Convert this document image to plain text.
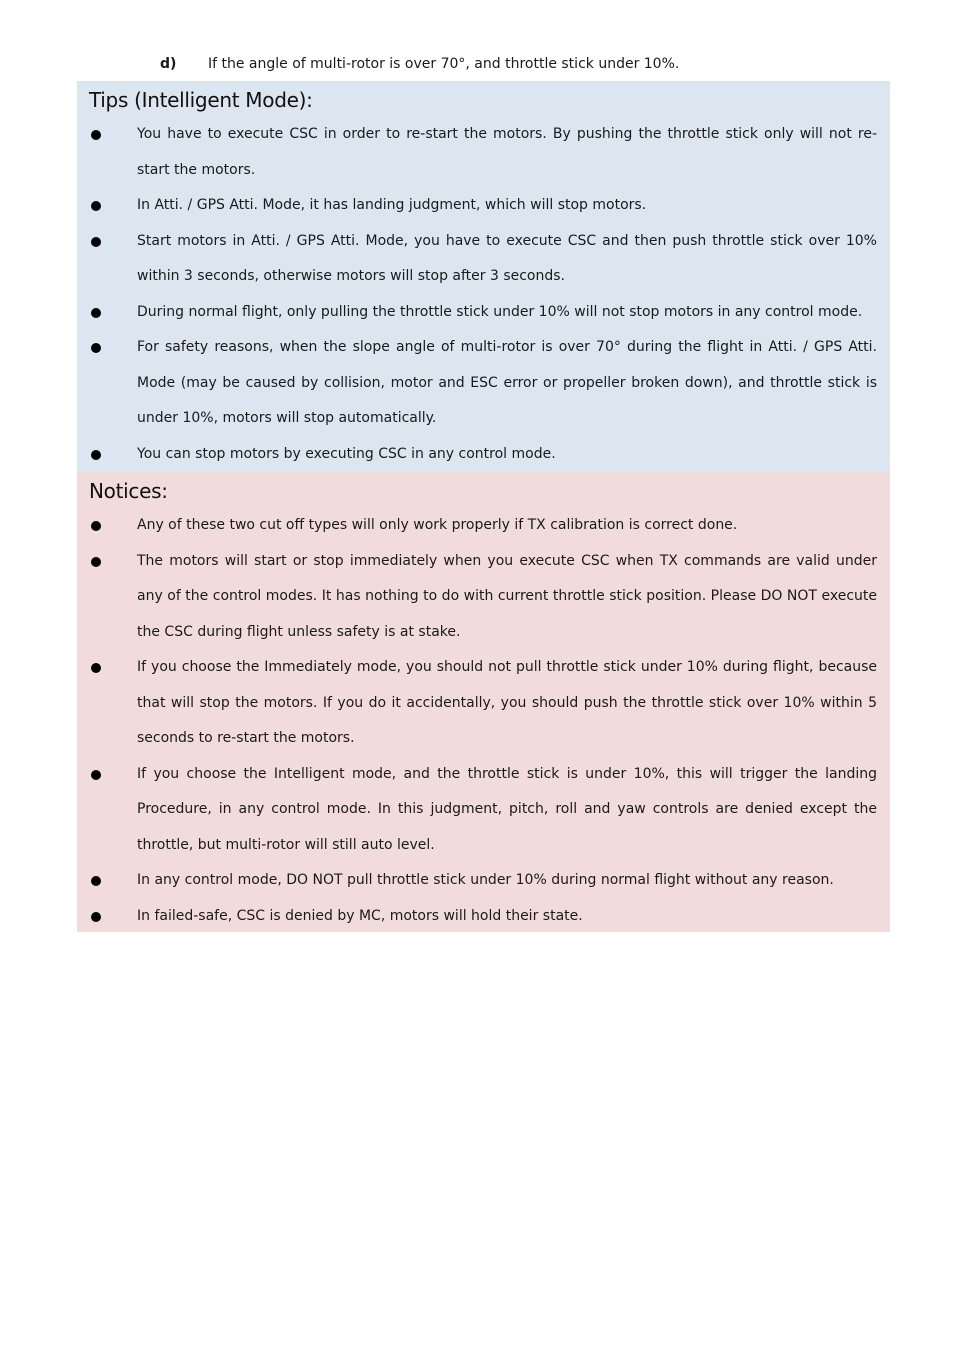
d)	If the angle of multi-rotor is over 70°, and throttle stick under 10%.
Tips (Intelligent Mode):
You have to execute CSC in order to re-start the motors. By pushing the throttle stick only will not re-start the motors.
In Atti. / GPS Atti. Mode, it has landing judgment, which will stop motors.
Start motors in Atti. / GPS Atti. Mode, you have to execute CSC and then push throttle stick over 10% within 3 seconds, otherwise motors will stop after 3 seconds.
During normal flight, only pulling the throttle stick under 10% will not stop motors in any control mode.
For safety reasons, when the slope angle of multi-rotor is over 70° during the flight in Atti. / GPS Atti. Mode (may be caused by collision, motor and ESC error or propeller broken down), and throttle stick is under 10%, motors will stop automatically.
You can stop motors by executing CSC in any control mode.
Notices:
Any of these two cut off types will only work properly if TX calibration is correct done.
The motors will start or stop immediately when you execute CSC when TX commands are valid under any of the control modes. It has nothing to do with current throttle stick position. Please DO NOT execute the CSC during flight unless safety is at stake.
If you choose the Immediately mode, you should not pull throttle stick under 10% during flight, because that will stop the motors. If you do it accidentally, you should push the throttle stick over 10% within 5 seconds to re-start the motors.
If you choose the Intelligent mode, and the throttle stick is under 10%, this will trigger the landing Procedure, in any control mode. In this judgment, pitch, roll and yaw controls are denied except the throttle, but multi-rotor will still auto level.
In any control mode, DO NOT pull throttle stick under 10% during normal flight without any reason.
In failed-safe, CSC is denied by MC, motors will hold their state.
